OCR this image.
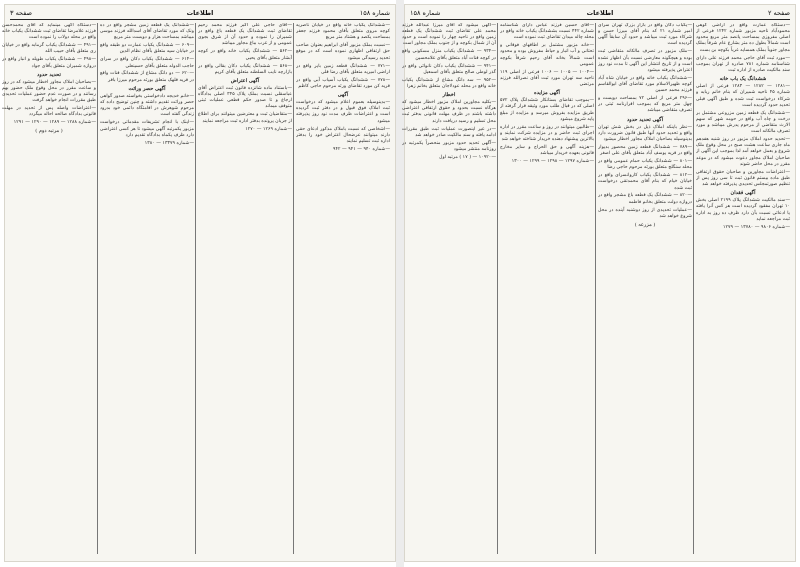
شماره ۱۵۸
اطلاعات
صفحه ۳

— ششدانگ یکباب خانه واقع در خیابان ناصریه کوچه مروی متعلق بآقای محمود فرزند جعفر بمساحت یکصد و هشتاد متر مربع

— نسبت بملک مزبور آقای ابراهیم بعنوان صاحب حق ارتفاقی اظهاری نموده است که در موقع تحدید رسیدگی میشود

— ۷۷۱ — ششدانگ قطعه زمین بایر واقع در اراضی امیریه متعلق بآقای رضا قلی

— ۷۷۸ — ششدانگ یکباب آسیاب آبی واقع در قریه کن مورد تقاضای ورثه مرحوم حاجی کاظم

آگهی

— بدینوسیله بعموم اعلام میشود که درخواست ثبت املاک فوق قبول و در دفتر ثبت گردیده است و اعتراضات ظرف مدت نود روز پذیرفته میشود

— اشخاصی که نسبت باملاک مذکور ادعای حقی دارند میتوانند عرضحال اعتراض خود را بدفتر اداره ثبت تسلیم نمایند

— شماره ۹۴۰ — ۹۴۱ — ۹۴۲

— آقای حاجی علی اکبر فرزند محمد رحیم تقاضای ثبت ششدانگ یک قطعه باغ واقع در شمیران را نموده و حدود آن از شرق بجوی عمومی و از غرب بباغ مجاور میباشد

— ۵۶۲ — ششدانگ یکباب خانه واقع در کوچه آبشار متعلق بآقای یحیی

— ۵۶۸ — ششدانگ یکباب دکان بقالی واقع در بازارچه نایب السلطنه متعلق بآقای کریم

آگهی اعتراض

— باستناد ماده شانزده قانون ثبت اعتراض آقای عباسقلی نسبت بملک پلاک ۳۴۵ اصلی بدادگاه ارجاع و تا صدور حکم قطعی عملیات ثبتی متوقف میماند

— متقاضیان ثبت و معترضین میتوانند برای اطلاع از جریان پرونده بدفتر اداره ثبت مراجعه نمایند

— شماره ۱۲۶۹ — ۱۲۷۰

— ششدانگ یک قطعه زمین مشجر واقع در ده ونک که مورد تقاضای آقای اسدالله فرزند موسی میباشد بمساحت هزار و دویست متر مربع

— ۶۰۹ — ششدانگ یکباب عمارت دو طبقه واقع در خیابان سپه متعلق بآقای نظام الدین

— ۶۱۴ — ششدانگ یکباب دکان واقع در سرای حاجب الدوله متعلق بآقای حسینعلی

— ۶۲۰ — دو دانگ مشاع از ششدانگ قنات واقع در قریه قلهک متعلق بورثه مرحوم میرزا باقر

آگهی حصر وراثت

— خانم خدیجه دادخواستی بخواسته صدور گواهی حصر وراثت تقدیم داشته و چنین توضیح داده که مرحوم شوهرش در اقامتگاه دائمی خود بدرود زندگی گفته است

— اینک با انجام تشریفات مقدماتی درخواست مزبور یکمرتبه آگهی میشود تا هر کسی اعتراضی دارد ظرف یکماه بدادگاه تقدیم دارد

— شماره ۱۳۳۷۹ — ۱۳۸۰

— دستگاه آگهی مینماید که آقای محمدحسن فرزند غلامرضا تقاضای ثبت ششدانگ یکباب خانه واقع در محله دولاب را نموده است

— ۴۹۱ — ششدانگ یکباب گرمابه واقع در خیابان ری متعلق بآقای حبیب الله

— ۴۹۸ — ششدانگ یکباب طویله و انبار واقع در دروازه شمیران متعلق بآقای جواد

تحدید حدود

— بصاحبان املاک مجاور اخطار میشود که در روز و ساعت مقرر در محل وقوع ملک حضور بهم رسانند و در صورت عدم حضور عملیات تحدیدی طبق مقررات انجام خواهد گرفت

— اعتراضات واصله پس از تحدید در مهلت قانونی بدادگاه صالحه احاله میگردد

— شماره ۱۲۸۸ — ۱۲۸۹ — ۱۲۹۰ — ۱۲۹۱

( مرتبه دوم )

صفحه ۲
اطلاعات
شماره ۱۵۸

— دستگاه عمارت واقع در اراضی کوهی محمودآباد ناحیه مزبور شماره ۱۲۴۲ فرعی از اصلی مفروزی بمساحت پانصد متر مربع محدود است شمالاً بطول ده متر بشارع عام شرقاً بملک مجاور جنوباً بملک همسایه غرباً بکوچه بن بست

— مورد ثبت آقای حاجی محمد فرزند علی دارای شناسنامه شماره ۷۸۱ صادره از تهران بموجب سند مالکیت صادره از اداره ثبت

ششدانگ یک باب خانه

— ۱۲۸۱ — ۱۲۸۲ — ۱۲۸۳ فرعی از اصلی شماره ۴۵ ناحیه شمیران که بنام خانم ربابه و شرکاء درخواست ثبت شده و طبق آگهی قبلی تحدید حدود گردیده است

— ششدانگ یک قطعه زمین مزروعی مشتمل بر درخت و چاه آب واقع در حومه شهر که سهم الارث متقاضی از مرحوم پدرش میباشد و مورد تصرف مالکانه است

— تحدید حدود املاک مزبور در روز شنبه هفدهم ماه جاری ساعت هشت صبح در محل وقوع ملک شروع و بعمل خواهد آمد لذا بموجب این آگهی از صاحبان املاک مجاور دعوت میشود که در موعد مقرر در محل حاضر شوند

— اعتراضات مجاورین و صاحبان حقوق ارتفاقی طبق ماده بیستم قانون ثبت تا سی روز پس از تنظیم صورتمجلس تحدیدی پذیرفته خواهد شد

آگهی فقدان

— سند مالکیت ششدانگ پلاک ۲۱۹۹ اصلی بخش ۱۰ تهران مفقود گردیده است هر کس آنرا یافته یا ادعائی نسبت بآن دارد ظرف ده روز به اداره ثبت مراجعه نماید

— شماره ۹۸۰۶ — ۱۳۷۸۰ — ۱۲۷۹

— یکباب دکان واقع در بازار بزرگ تهران سرای امیر شماره ۲۱ که بنام آقای میرزا حسن و شرکاء مورد ثبت میباشد و حدود آن سابقاً آگهی گردیده است

— ملک مزبور در تصرف مالکانه متقاضی ثبت بوده و هیچگونه معارضی نسبت بآن اظهار نشده است و از تاریخ انتشار این آگهی تا مدت نود روز اعتراض پذیرفته میشود

— ششدانگ یکباب خانه واقع در خیابان شاه آباد کوچه ظهیرالاسلام مورد تقاضای آقای ابوالقاسم فرزند محمد حسین

— ۲۹۶ فرعی از اصلی ۷۲ بمساحت دویست و چهل متر مربع که بموجب اقرارنامه ثبتی در تصرف متقاضی میباشد

آگهی تحدید حدود

— نظر باینکه املاک ذیل در بخش شش تهران واقع و تحدید حدود آنها طبق قانون ضرورت دارد بدینوسیله بصاحبان املاک مجاور اخطار میشود

— ۷۸۹ — ششدانگ قطعه زمین محصور بدیوار واقع در قریه یوسف آباد متعلق بآقای علی اصغر

— ۸۰۱ — ششدانگ یکباب حمام عمومی واقع در محله سنگلج متعلق بورثه مرحوم حاجی رضا

— ۸۱۲ — ششدانگ یکباب کاروانسرای واقع در خیابان خیام که بنام آقای محمدتقی درخواست ثبت شده

— ۸۲۰ — ششدانگ یک قطعه باغ مشجر واقع در دروازه دولت متعلق بخانم فاطمه

— عملیات تحدیدی از روز دوشنبه آینده در محل شروع خواهد شد

( مزرعه )

— آقای حسین فرزند عباس دارای شناسنامه شماره ۴۴۲ نسبت بششدانگ یکباب خانه واقع در محله چاله میدان تقاضای ثبت نموده است

— خانه مزبور مشتمل بر اطاقهای فوقانی و تحتانی و آب انبار و حیاط مفروش بوده و محدود است شمالاً بخانه آقای رحیم شرقاً بکوچه عمومی

— ۱۰۰۴ — ۱۰۰۵ — ۱۰۰۶ فرعی از اصلی ۱۱۹ ناحیه سه تهران مورد ثبت آقای نصرالله فرزند مرتضی

آگهی مزایده

— بموجب تقاضای بستانکار ششدانگ پلاک ۵۷۲ اصلی که در قبال طلب مورد وثیقه قرار گرفته از طریق مزایده بفروش میرسد و مزایده از مبلغ پایه شروع میشود

— طالبین میتوانند در روز و ساعت مقرر در اداره اجرای ثبت حاضر و در مزایده شرکت نمایند و بالاترین پیشنهاد دهنده خریدار شناخته خواهد شد

— هزینه آگهی و حق الحراج و سایر مخارج قانونی بعهده خریدار میباشد

— شماره ۱۲۹۷ — ۱۲۹۸ — ۱۲۹۹ — ۱۳۰۰

— آگهی میشود که آقای میرزا عبدالله فرزند محمد علی تقاضای ثبت ششدانگ یک قطعه زمین واقع در ناحیه چهار را نموده است و حدود آن از شمال بکوچه و از جنوب بملک مجاور است

— ۹۳۴ — ششدانگ یکباب منزل مسکونی واقع در کوچه قنات آباد متعلق بآقای غلامحسین

— ۹۴۱ — ششدانگ یکباب دکان نانوائی واقع در گذر لوطی صالح متعلق بآقای اسمعیل

— ۹۵۲ — سه دانگ مشاع از ششدانگ یکباب خانه واقع در محله عودلاجان متعلق بخانم زهرا

اخطار

— بکلیه مجاورین املاک مزبور اخطار میشود که هرگاه نسبت بحدود و حقوق ارتفاقی اعتراضی داشته باشند در ظرف مهلت قانونی بدفتر ثبت محل تسلیم و رسید دریافت دارند

— در غیر اینصورت عملیات ثبت طبق مقررات ادامه یافته و سند مالکیت صادر خواهد شد

— آگهی تحدید حدود مزبور منحصراً یکمرتبه در روزنامه منتشر میشود

— ۱۰۹۲۰ — ( ۱۷ ) مرتبه اول
